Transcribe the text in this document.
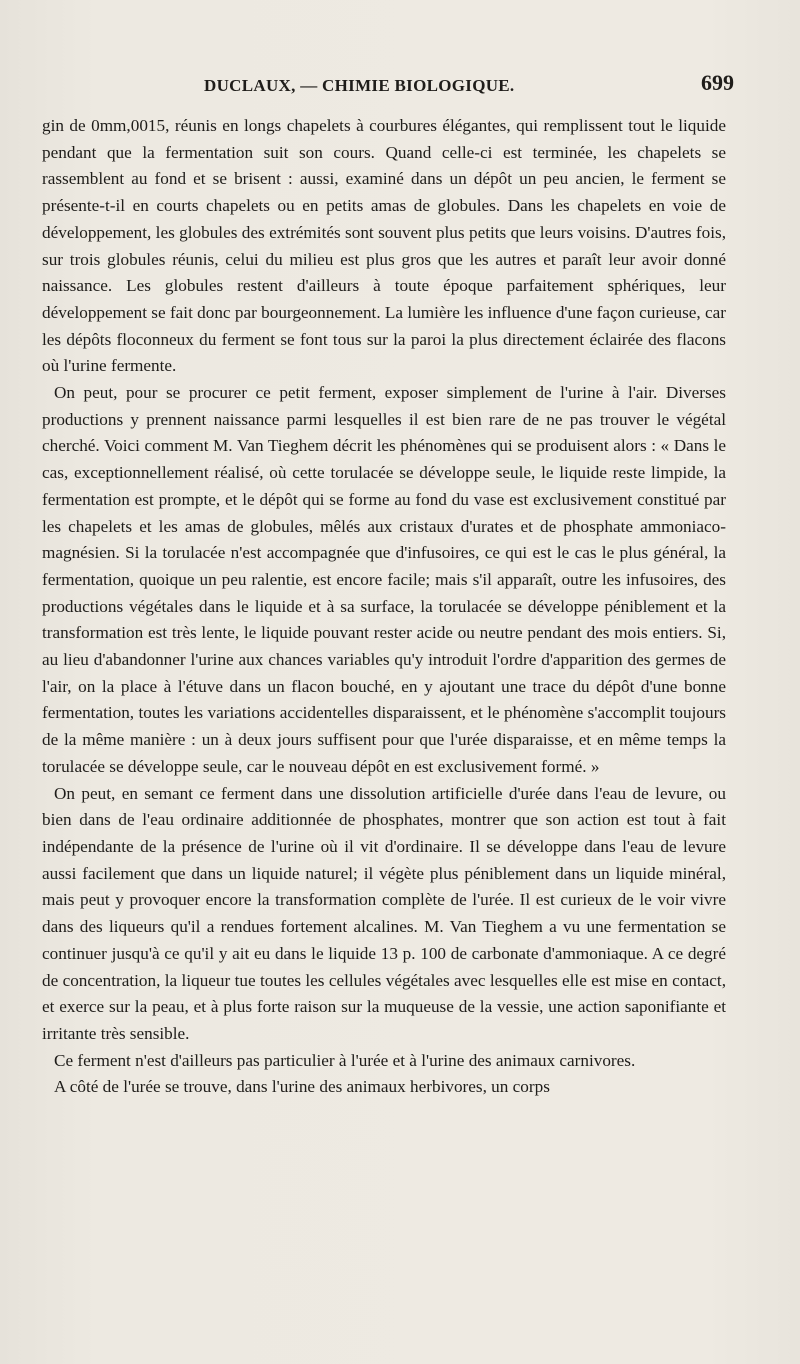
DUCLAUX, — CHIMIE BIOLOGIQUE.	699

gin de 0mm,0015, réunis en longs chapelets à courbures élégantes, qui remplissent tout le liquide pendant que la fermentation suit son cours. Quand celle-ci est terminée, les chapelets se rassemblent au fond et se brisent : aussi, examiné dans un dépôt un peu ancien, le ferment se présente-t-il en courts chapelets ou en petits amas de globules. Dans les chapelets en voie de développement, les globules des extrémités sont souvent plus petits que leurs voisins. D'autres fois, sur trois globules réunis, celui du milieu est plus gros que les autres et paraît leur avoir donné naissance. Les globules restent d'ailleurs à toute époque parfaitement sphériques, leur développement se fait donc par bourgeonnement. La lumière les influence d'une façon curieuse, car les dépôts floconneux du ferment se font tous sur la paroi la plus directement éclairée des flacons où l'urine fermente.

On peut, pour se procurer ce petit ferment, exposer simplement de l'urine à l'air. Diverses productions y prennent naissance parmi lesquelles il est bien rare de ne pas trouver le végétal cherché. Voici comment M. Van Tieghem décrit les phénomènes qui se produisent alors : « Dans le cas, exceptionnellement réalisé, où cette torulacée se développe seule, le liquide reste limpide, la fermentation est prompte, et le dépôt qui se forme au fond du vase est exclusivement constitué par les chapelets et les amas de globules, mêlés aux cristaux d'urates et de phosphate ammoniaco-magnésien. Si la torulacée n'est accompagnée que d'infusoires, ce qui est le cas le plus général, la fermentation, quoique un peu ralentie, est encore facile; mais s'il apparaît, outre les infusoires, des productions végétales dans le liquide et à sa surface, la torulacée se développe péniblement et la transformation est très lente, le liquide pouvant rester acide ou neutre pendant des mois entiers. Si, au lieu d'abandonner l'urine aux chances variables qu'y introduit l'ordre d'apparition des germes de l'air, on la place à l'étuve dans un flacon bouché, en y ajoutant une trace du dépôt d'une bonne fermentation, toutes les variations accidentelles disparaissent, et le phénomène s'accomplit toujours de la même manière : un à deux jours suffisent pour que l'urée disparaisse, et en même temps la torulacée se développe seule, car le nouveau dépôt en est exclusivement formé. »

On peut, en semant ce ferment dans une dissolution artificielle d'urée dans l'eau de levure, ou bien dans de l'eau ordinaire additionnée de phosphates, montrer que son action est tout à fait indépendante de la présence de l'urine où il vit d'ordinaire. Il se développe dans l'eau de levure aussi facilement que dans un liquide naturel; il végète plus péniblement dans un liquide minéral, mais peut y provoquer encore la transformation complète de l'urée. Il est curieux de le voir vivre dans des liqueurs qu'il a rendues fortement alcalines. M. Van Tieghem a vu une fermentation se continuer jusqu'à ce qu'il y ait eu dans le liquide 13 p. 100 de carbonate d'ammoniaque. A ce degré de concentration, la liqueur tue toutes les cellules végétales avec lesquelles elle est mise en contact, et exerce sur la peau, et à plus forte raison sur la muqueuse de la vessie, une action saponifiante et irritante très sensible.

Ce ferment n'est d'ailleurs pas particulier à l'urée et à l'urine des animaux carnivores.

A côté de l'urée se trouve, dans l'urine des animaux herbivores, un corps
